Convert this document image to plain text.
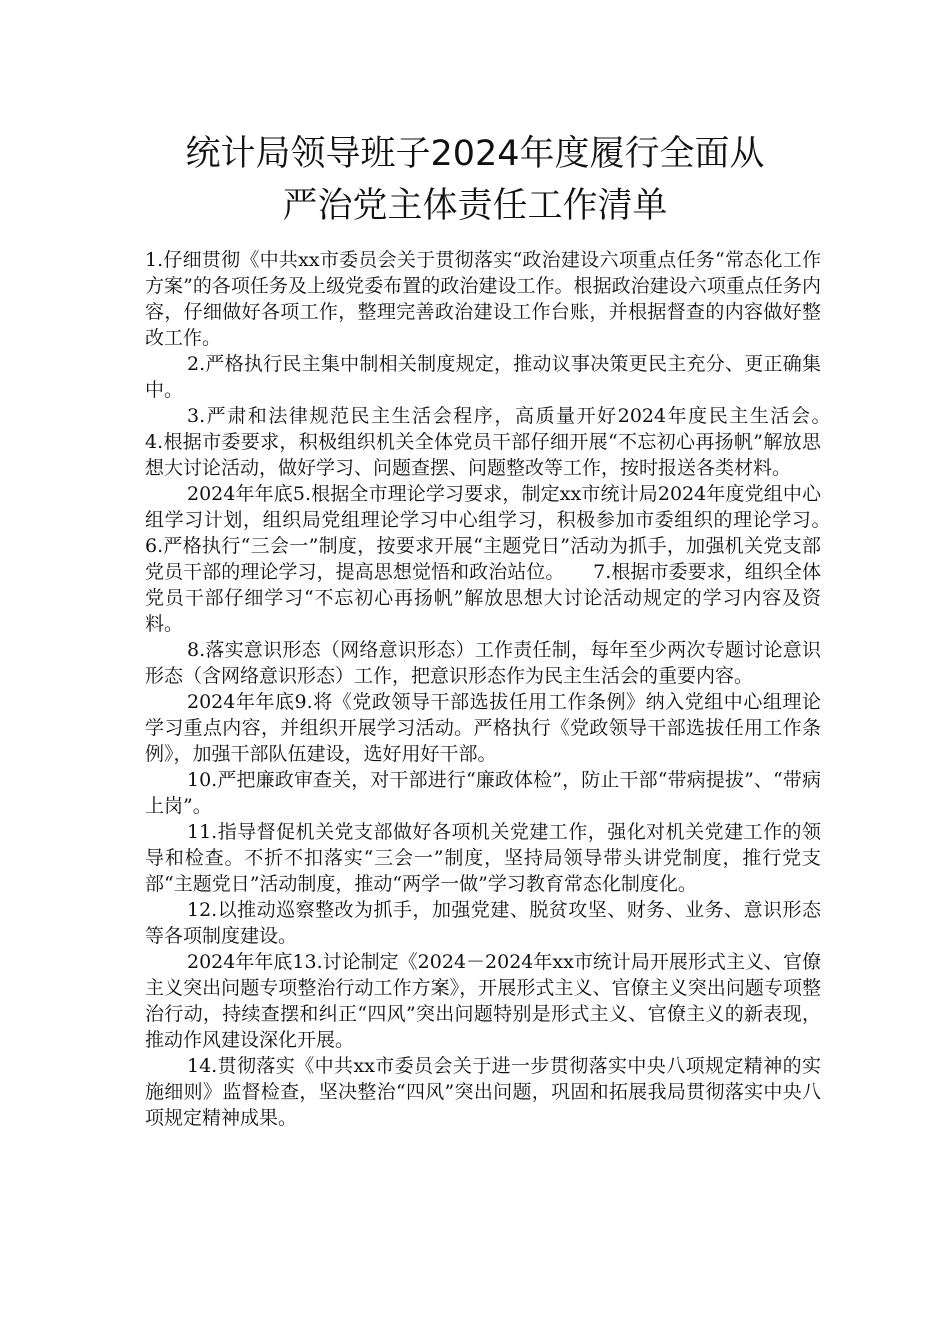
统计局领导班子2024年度履行全面从
严治党主体责任工作清单

1.仔细贯彻《中共xx市委员会关于贯彻落实“政治建设六项重点任务“常态化工作方案”的各项任务及上级党委布置的政治建设工作。根据政治建设六项重点任务内容，仔细做好各项工作，整理完善政治建设工作台账，并根据督查的内容做好整改工作。

2.严格执行民主集中制相关制度规定，推动议事决策更民主充分、更正确集中。

3.严肃和法律规范民主生活会程序，高质量开好2024年度民主生活会。　　4.根据市委要求，积极组织机关全体党员干部仔细开展“不忘初心再扬帆”解放思想大讨论活动，做好学习、问题查摆、问题整改等工作，按时报送各类材料。

2024年年底5.根据全市理论学习要求，制定xx市统计局2024年度党组中心组学习计划，组织局党组理论学习中心组学习，积极参加市委组织的理论学习。　　6.严格执行“三会一”制度，按要求开展“主题党日”活动为抓手，加强机关党支部党员干部的理论学习，提高思想觉悟和政治站位。　　7.根据市委要求，组织全体党员干部仔细学习“不忘初心再扬帆”解放思想大讨论活动规定的学习内容及资料。

8.落实意识形态（网络意识形态）工作责任制，每年至少两次专题讨论意识形态（含网络意识形态）工作，把意识形态作为民主生活会的重要内容。

2024年年底9.将《党政领导干部选拔任用工作条例》纳入党组中心组理论学习重点内容，并组织开展学习活动。严格执行《党政领导干部选拔任用工作条例》，加强干部队伍建设，选好用好干部。

10.严把廉政审查关，对干部进行“廉政体检”，防止干部“带病提拔”、“带病上岗”。

11.指导督促机关党支部做好各项机关党建工作，强化对机关党建工作的领导和检查。不折不扣落实“三会一”制度，坚持局领导带头讲党制度，推行党支部“主题党日”活动制度，推动“两学一做”学习教育常态化制度化。

12.以推动巡察整改为抓手，加强党建、脱贫攻坚、财务、业务、意识形态等各项制度建设。

2024年年底13.讨论制定《2024－2024年xx市统计局开展形式主义、官僚主义突出问题专项整治行动工作方案》，开展形式主义、官僚主义突出问题专项整治行动，持续查摆和纠正“四风”突出问题特别是形式主义、官僚主义的新表现，推动作风建设深化开展。

14.贯彻落实《中共xx市委员会关于进一步贯彻落实中央八项规定精神的实施细则》监督检查，坚决整治“四风”突出问题，巩固和拓展我局贯彻落实中央八项规定精神成果。
